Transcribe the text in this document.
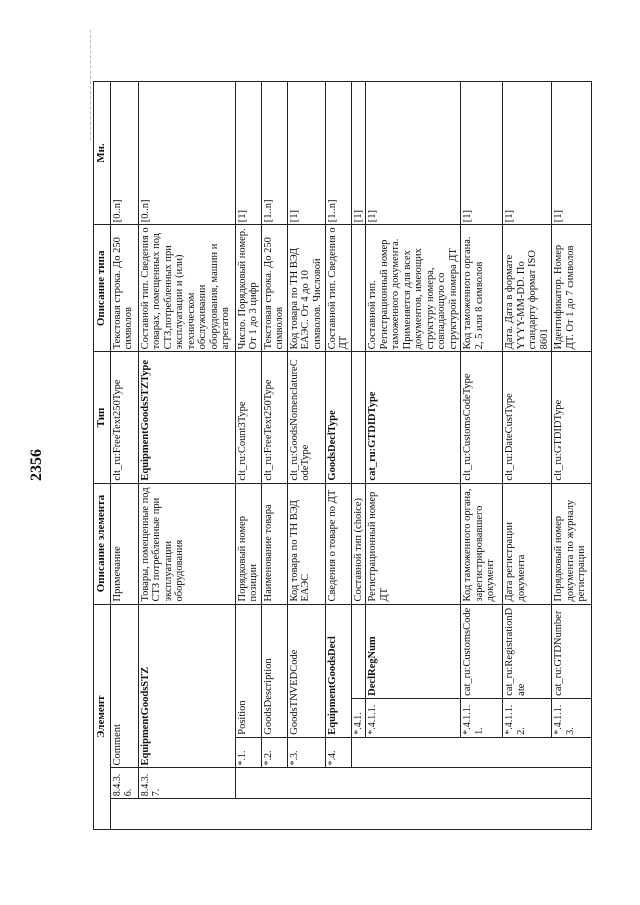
2356
Элемент					Описание элемента	Тип	Описание типа	Мн.
	8.4.3.6.	Comment			Примечание	clt_ru:FreeText250Type	Текстовая строка. До 250 символов	[0..n]
	8.4.3.7.	EquipmentGoodsSTZ			Товары, помещенные под СТЗ потребленные при эксплуатации оборудования	EquipmentGoodsSTZType	Составной тип. Сведения о товарах, помещенных под СТЗ,потребленных при эксплуатации и (или) техническом обслуживании оборудования, машин и агрегатов	[0..n]
		*.1.	Position		Порядковый номер позиции	clt_ru:Count3Type	Число. Порядковый номер. От 1 до 3 цифр	[1]
		*.2.	GoodsDescription		Наименование товара	clt_ru:FreeText250Type	Текстовая строка. До 250 символов	[1..n]
		*.3.	GoodsTNVEDCode		Код товара по ТН ВЭД ЕАЭС	clt_ru:GoodsNomenclatureCodeType	Код товара по ТН ВЭД ЕАЭС. От 4 до 10 символов. Числовой	[1]
		*.4.	EquipmentGoodsDecl		Сведения о товаре по ДТ	GoodsDeclType	Составной тип. Сведения о ДТ	[1..n]
			*.4.1.		Составной тип (choice)			[1]
			*.4.1.1.	DeclRegNum	Регистрационный номер ДТ	cat_ru:GTDIDType	Составной тип. Регистрационный номер таможенного документа. Применяется для всех документов, имеющих структуру номера, совпадающую со структурой номера ДТ	[1]
			*.4.1.1.1.	cat_ru:CustomsCode	Код таможенного органа, зарегистрировавшего документ	clt_ru:CustomsCodeType	Код таможенного органа. 2, 5 или 8 символов	[1]
			*.4.1.1.2.	cat_ru:RegistrationDate	Дата регистрации документа	clt_ru:DateCustType	Дата. Дата в формате YYYY-MM-DD. По стандарту формат ISO 8601	[1]
			*.4.1.1.3.	cat_ru:GTDNumber	Порядковый номер документа по журналу регистрации	clt_ru:GTDIDType	Идентификатор. Номер ДТ. От 1 до 7 символов	[1]
